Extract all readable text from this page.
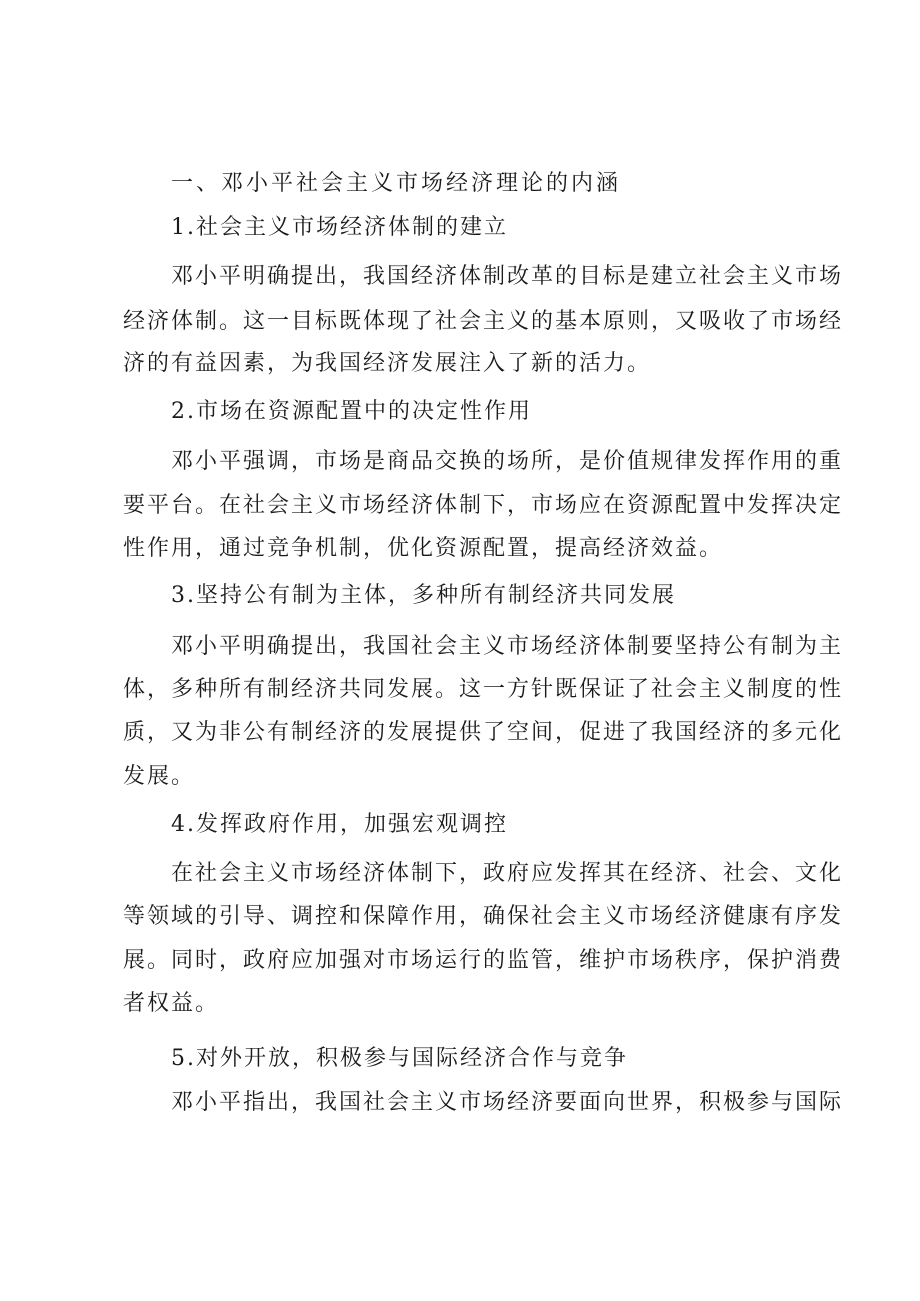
一、邓小平社会主义市场经济理论的内涵
1.社会主义市场经济体制的建立
邓小平明确提出，我国经济体制改革的目标是建立社会主义市场
经济体制。这一目标既体现了社会主义的基本原则，又吸收了市场经
济的有益因素，为我国经济发展注入了新的活力。
2.市场在资源配置中的决定性作用
邓小平强调，市场是商品交换的场所，是价值规律发挥作用的重
要平台。在社会主义市场经济体制下，市场应在资源配置中发挥决定
性作用，通过竞争机制，优化资源配置，提高经济效益。
3.坚持公有制为主体，多种所有制经济共同发展
邓小平明确提出，我国社会主义市场经济体制要坚持公有制为主
体，多种所有制经济共同发展。这一方针既保证了社会主义制度的性
质，又为非公有制经济的发展提供了空间，促进了我国经济的多元化
发展。
4.发挥政府作用，加强宏观调控
在社会主义市场经济体制下，政府应发挥其在经济、社会、文化
等领域的引导、调控和保障作用，确保社会主义市场经济健康有序发
展。同时，政府应加强对市场运行的监管，维护市场秩序，保护消费
者权益。
5.对外开放，积极参与国际经济合作与竞争
邓小平指出，我国社会主义市场经济要面向世界，积极参与国际
